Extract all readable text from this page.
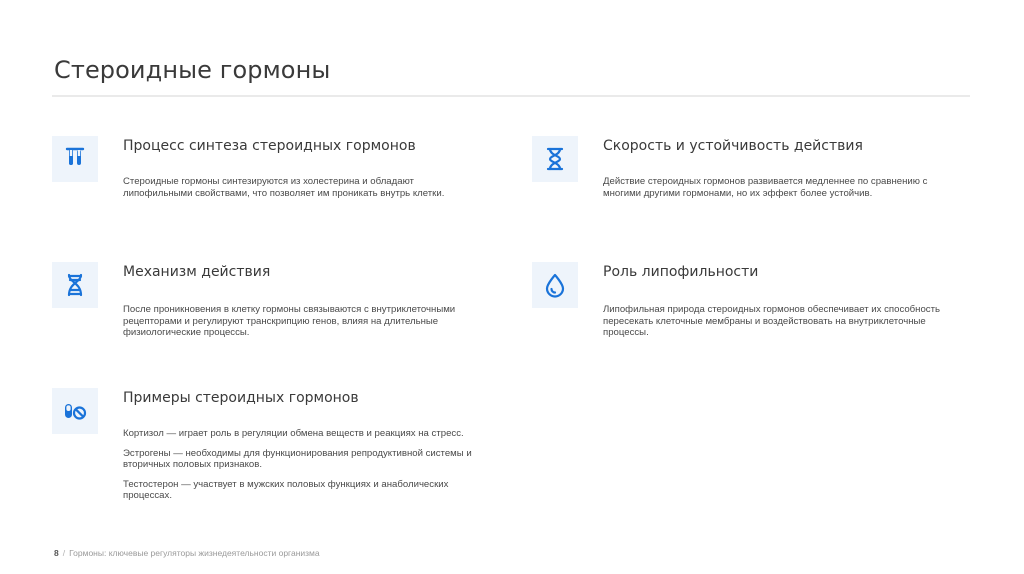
Стероидные гормоны
Процесс синтеза стероидных гормонов

Стероидные гормоны синтезируются из холестерина и обладают липофильными свойствами, что позволяет им проникать внутрь клетки.

Скорость и устойчивость действия

Действие стероидных гормонов развивается медленнее по сравнению с многими другими гормонами, но их эффект более устойчив.

Механизм действия

После проникновения в клетку гормоны связываются с внутриклеточными рецепторами и регулируют транскрипцию генов, влияя на длительные физиологические процессы.

Роль липофильности

Липофильная природа стероидных гормонов обеспечивает их способность пересекать клеточные мембраны и воздействовать на внутриклеточные процессы.

Примеры стероидных гормонов

Кортизол — играет роль в регуляции обмена веществ и реакциях на стресс.

Эстрогены — необходимы для функционирования репродуктивной системы и вторичных половых признаков.

Тестостерон — участвует в мужских половых функциях и анаболических процессах.

8 / Гормоны: ключевые регуляторы жизнедеятельности организма
